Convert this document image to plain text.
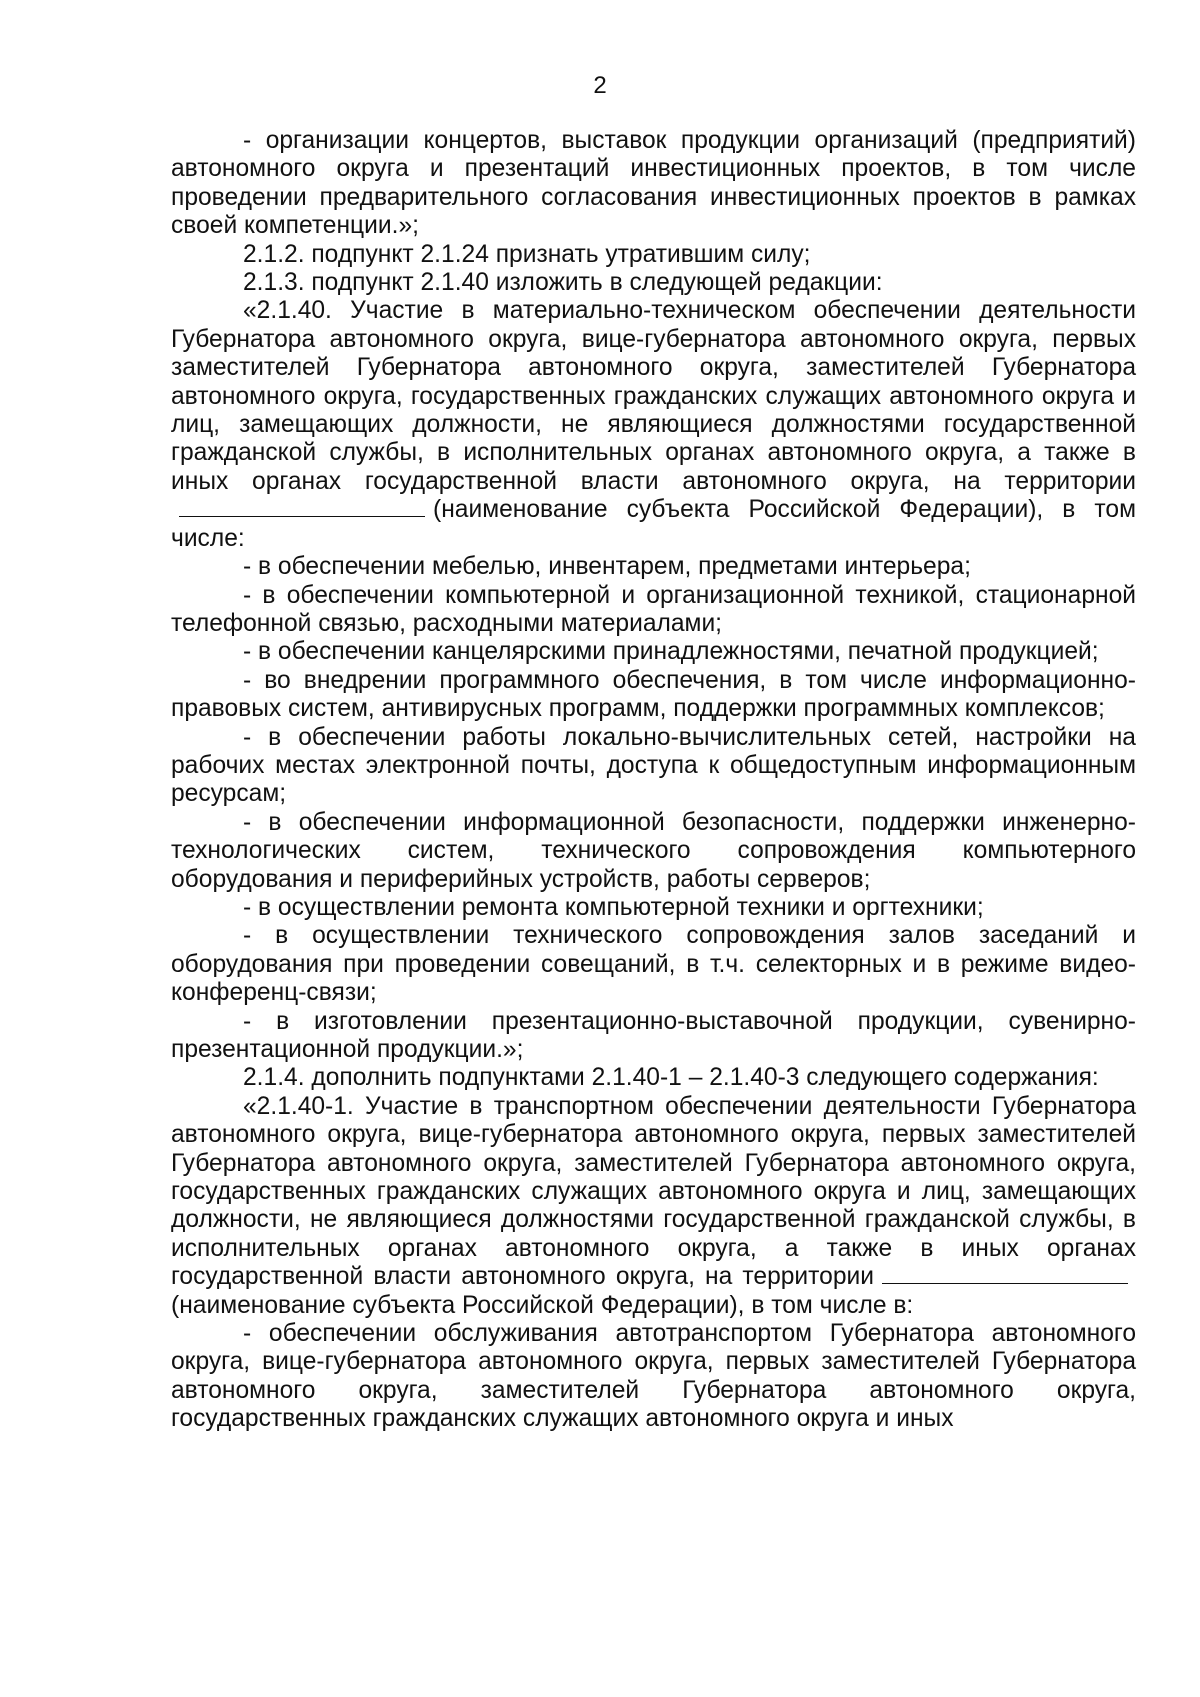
2

- организации концертов, выставок продукции организаций (предприятий) автономного округа и презентаций инвестиционных проектов, в том числе проведении предварительного согласования инвестиционных проектов в рамках своей компетенции.»;

2.1.2. подпункт 2.1.24 признать утратившим силу;

2.1.3. подпункт 2.1.40 изложить в следующей редакции:

«2.1.40. Участие в материально-техническом обеспечении деятельности Губернатора автономного округа, вице-губернатора автономного округа, первых заместителей Губернатора автономного округа, заместителей Губернатора автономного округа, государственных гражданских служащих автономного округа и лиц, замещающих должности, не являющиеся должностями государственной гражданской службы, в исполнительных органах автономного округа, а также в иных органах государственной власти автономного округа, на территории(наименование субъекта Российской Федерации), в том числе:

- в обеспечении мебелью, инвентарем, предметами интерьера;

- в обеспечении компьютерной и организационной техникой, стационарной телефонной связью, расходными материалами;

- в обеспечении канцелярскими принадлежностями, печатной продукцией;

- во внедрении программного обеспечения, в том числе информационно-правовых систем, антивирусных программ, поддержки программных комплексов;

- в обеспечении работы локально-вычислительных сетей, настройки на рабочих местах электронной почты, доступа к общедоступным информационным ресурсам;

- в обеспечении информационной безопасности, поддержки инженерно-технологических систем, технического сопровождения компьютерного оборудования и периферийных устройств, работы серверов;

- в осуществлении ремонта компьютерной техники и оргтехники;

- в осуществлении технического сопровождения залов заседаний и оборудования при проведении совещаний, в т.ч. селекторных и в режиме видео-конференц-связи;

- в изготовлении презентационно-выставочной продукции, сувенирно-презентационной продукции.»;

2.1.4. дополнить подпунктами 2.1.40-1 – 2.1.40-3 следующего содержания:

«2.1.40-1. Участие в транспортном обеспечении деятельности Губернатора автономного округа, вице-губернатора автономного округа, первых заместителей Губернатора автономного округа, заместителей Губернатора автономного округа, государственных гражданских служащих автономного округа и лиц, замещающих должности, не являющиеся должностями государственной гражданской службы, в исполнительных органах автономного округа, а также в иных органах государственной власти автономного округа, на территории(наименование субъекта Российской Федерации), в том числе в:

- обеспечении обслуживания автотранспортом Губернатора автономного округа, вице-губернатора автономного округа, первых заместителей Губернатора автономного округа, заместителей Губернатора автономного округа, государственных гражданских служащих автономного округа и иных
